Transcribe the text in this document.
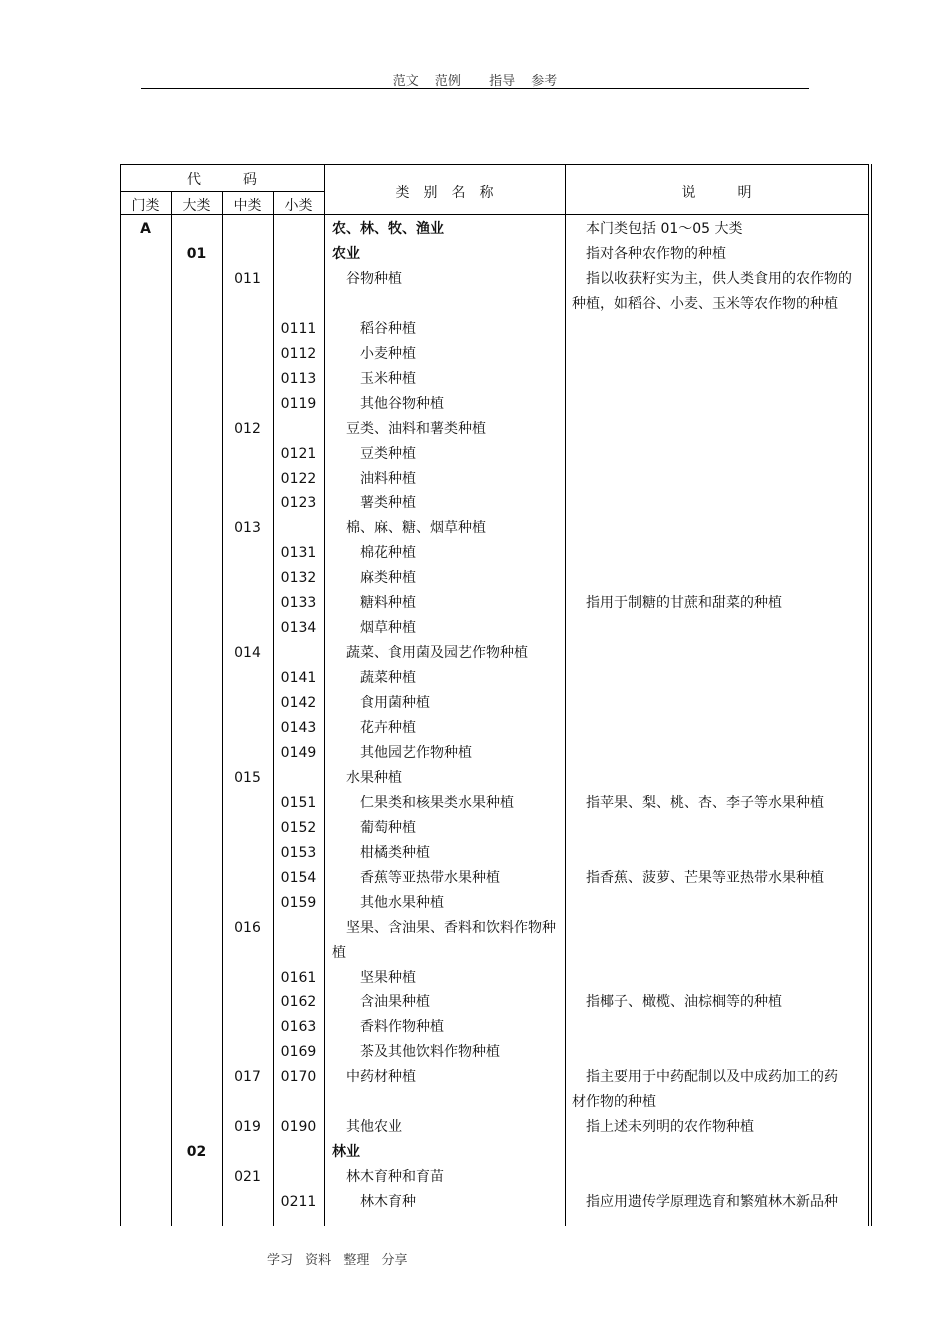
范文 范例 指导 参考
代　　　码
门类	大类	中类	小类
类　别　名　称	说　　　明
A	农、林、牧、渔业	本门类包括 01～05 大类
01	农业	指对各种农作物的种植
011	谷物种植	指以收获籽实为主，供人类食用的农作物的
种植，如稻谷、小麦、玉米等农作物的种植
0111	稻谷种植
0112	小麦种植
0113	玉米种植
0119	其他谷物种植
012	豆类、油料和薯类种植
0121	豆类种植
0122	油料种植
0123	薯类种植
013	棉、麻、糖、烟草种植
0131	棉花种植
0132	麻类种植
0133	糖料种植	指用于制糖的甘蔗和甜菜的种植
0134	烟草种植
014	蔬菜、食用菌及园艺作物种植
0141	蔬菜种植
0142	食用菌种植
0143	花卉种植
0149	其他园艺作物种植
015	水果种植
0151	仁果类和核果类水果种植	指苹果、梨、桃、杏、李子等水果种植
0152	葡萄种植
0153	柑橘类种植
0154	香蕉等亚热带水果种植	指香蕉、菠萝、芒果等亚热带水果种植
0159	其他水果种植
016	坚果、含油果、香料和饮料作物种
植
0161	坚果种植
0162	含油果种植	指椰子、橄榄、油棕榈等的种植
0163	香料作物种植
0169	茶及其他饮料作物种植
017	0170	中药材种植	指主要用于中药配制以及中成药加工的药
材作物的种植
019	0190	其他农业	指上述未列明的农作物种植
02	林业
021	林木育种和育苗
0211	林木育种	指应用遗传学原理选育和繁殖林木新品种
学习 资料 整理 分享
